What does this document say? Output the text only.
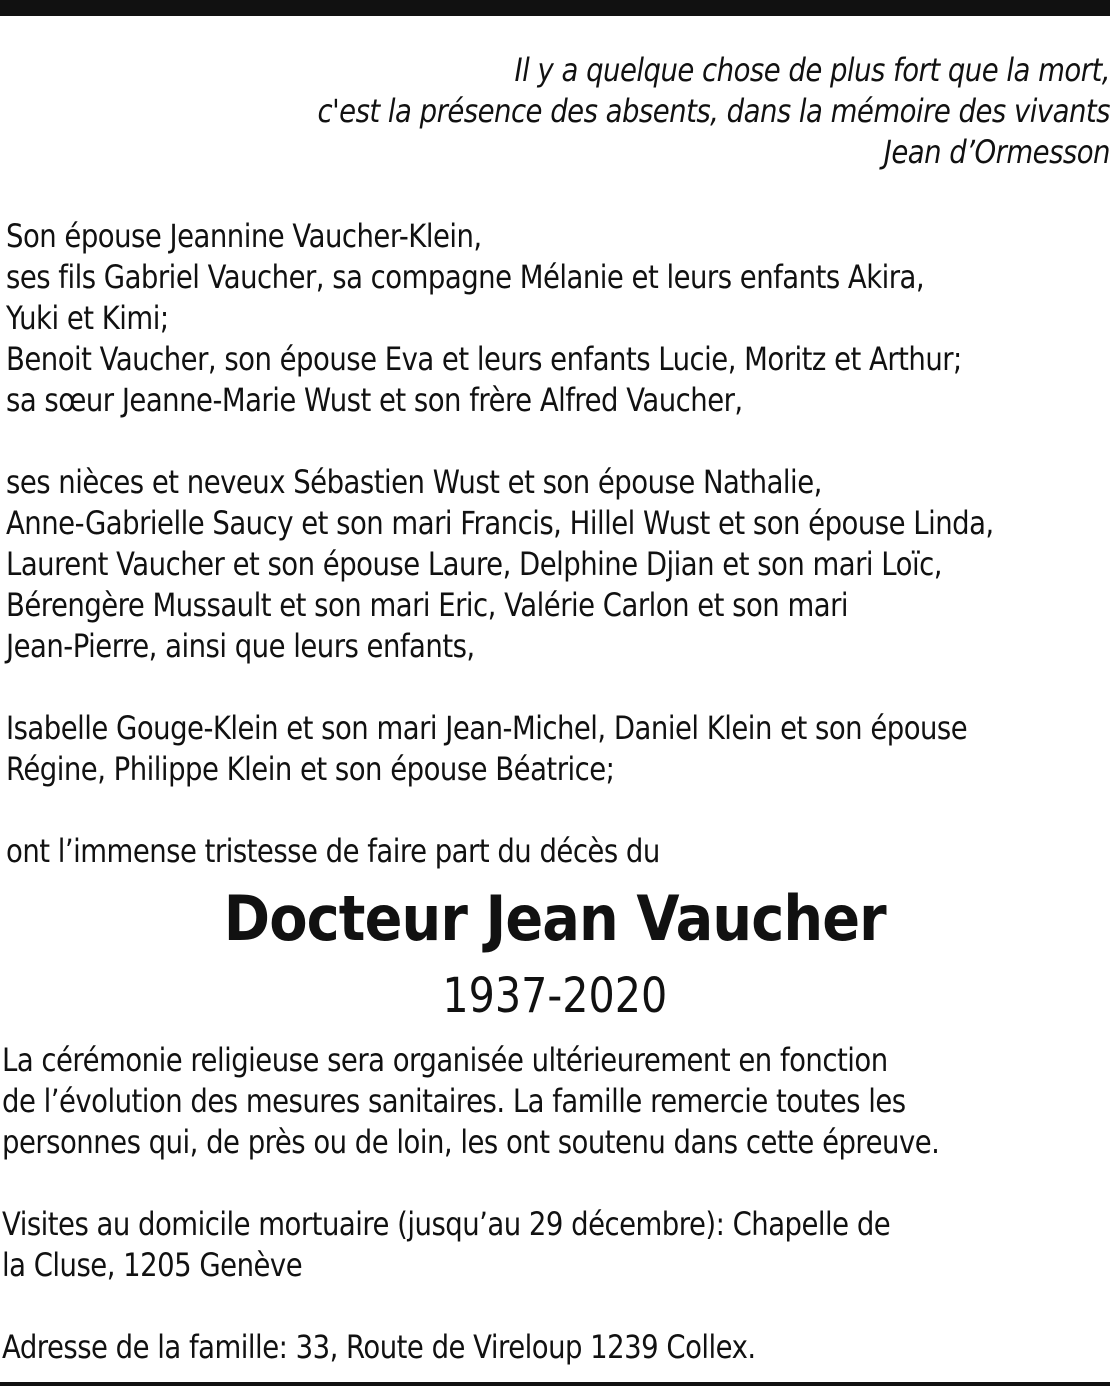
Il y a quelque chose de plus fort que la mort,
c'est la présence des absents, dans la mémoire des vivants
Jean d’Ormesson
Son épouse Jeannine Vaucher-Klein,
ses fils Gabriel Vaucher, sa compagne Mélanie et leurs enfants Akira,
Yuki et Kimi;
Benoit Vaucher, son épouse Eva et leurs enfants Lucie, Moritz et Arthur;
sa sœur Jeanne-Marie Wust et son frère Alfred Vaucher,
ses nièces et neveux Sébastien Wust et son épouse Nathalie,
Anne-Gabrielle Saucy et son mari Francis, Hillel Wust et son épouse Linda,
Laurent Vaucher et son épouse Laure, Delphine Djian et son mari Loïc,
Bérengère Mussault et son mari Eric, Valérie Carlon et son mari
Jean-Pierre, ainsi que leurs enfants,
Isabelle Gouge-Klein et son mari Jean-Michel, Daniel Klein et son épouse
Régine, Philippe Klein et son épouse Béatrice;
ont l’immense tristesse de faire part du décès du
Docteur Jean Vaucher
1937-2020
La cérémonie religieuse sera organisée ultérieurement en fonction
de l’évolution des mesures sanitaires. La famille remercie toutes les
personnes qui, de près ou de loin, les ont soutenu dans cette épreuve.
Visites au domicile mortuaire (jusqu’au 29 décembre): Chapelle de
la Cluse, 1205 Genève
Adresse de la famille: 33, Route de Vireloup 1239 Collex.
